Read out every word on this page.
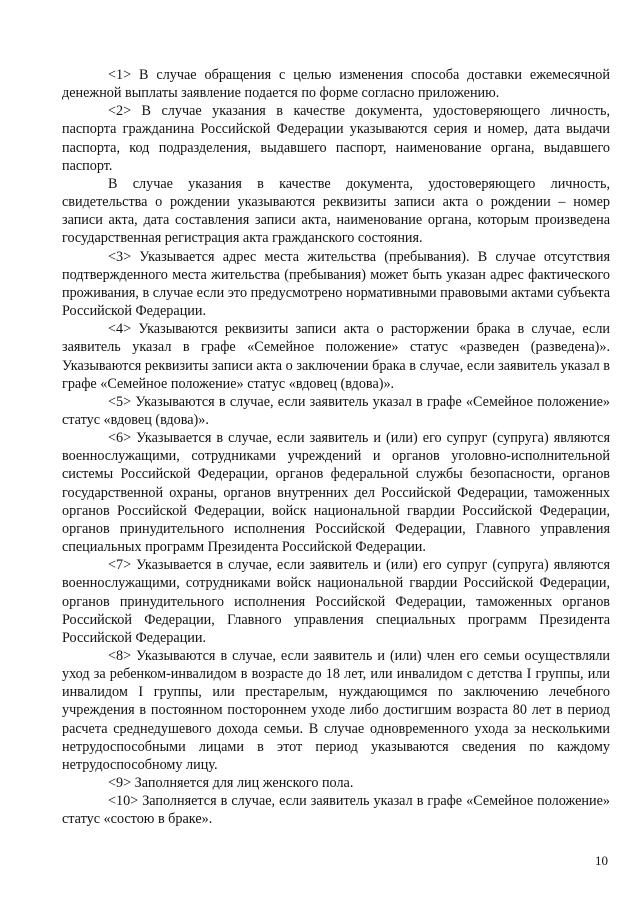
<1> В случае обращения с целью изменения способа доставки ежемесячной денежной выплаты заявление подается по форме согласно приложению.

<2> В случае указания в качестве документа, удостоверяющего личность, паспорта гражданина Российской Федерации указываются серия и номер, дата выдачи паспорта, код подразделения, выдавшего паспорт, наименование органа, выдавшего паспорт.

В случае указания в качестве документа, удостоверяющего личность, свидетельства о рождении указываются реквизиты записи акта о рождении – номер записи акта, дата составления записи акта, наименование органа, которым произведена государственная регистрация акта гражданского состояния.

<3> Указывается адрес места жительства (пребывания). В случае отсутствия подтвержденного места жительства (пребывания) может быть указан адрес фактического проживания, в случае если это предусмотрено нормативными правовыми актами субъекта Российской Федерации.

<4> Указываются реквизиты записи акта о расторжении брака в случае, если заявитель указал в графе «Семейное положение» статус «разведен (разведена)». Указываются реквизиты записи акта о заключении брака в случае, если заявитель указал в графе «Семейное положение» статус «вдовец (вдова)».

<5> Указываются в случае, если заявитель указал в графе «Семейное положение» статус «вдовец (вдова)».

<6> Указывается в случае, если заявитель и (или) его супруг (супруга) являются военнослужащими, сотрудниками учреждений и органов уголовно-исполнительной системы Российской Федерации, органов федеральной службы безопасности, органов государственной охраны, органов внутренних дел Российской Федерации, таможенных органов Российской Федерации, войск национальной гвардии Российской Федерации, органов принудительного исполнения Российской Федерации, Главного управления специальных программ Президента Российской Федерации.

<7> Указывается в случае, если заявитель и (или) его супруг (супруга) являются военнослужащими, сотрудниками войск национальной гвардии Российской Федерации, органов принудительного исполнения Российской Федерации, таможенных органов Российской Федерации, Главного управления специальных программ Президента Российской Федерации.

<8> Указываются в случае, если заявитель и (или) член его семьи осуществляли уход за ребенком-инвалидом в возрасте до 18 лет, или инвалидом с детства I группы, или инвалидом I группы, или престарелым, нуждающимся по заключению лечебного учреждения в постоянном постороннем уходе либо достигшим возраста 80 лет в период расчета среднедушевого дохода семьи. В случае одновременного ухода за несколькими нетрудоспособными лицами в этот период указываются сведения по каждому нетрудоспособному лицу.

<9> Заполняется для лиц женского пола.

<10> Заполняется в случае, если заявитель указал в графе «Семейное положение» статус «состою в браке».

10
